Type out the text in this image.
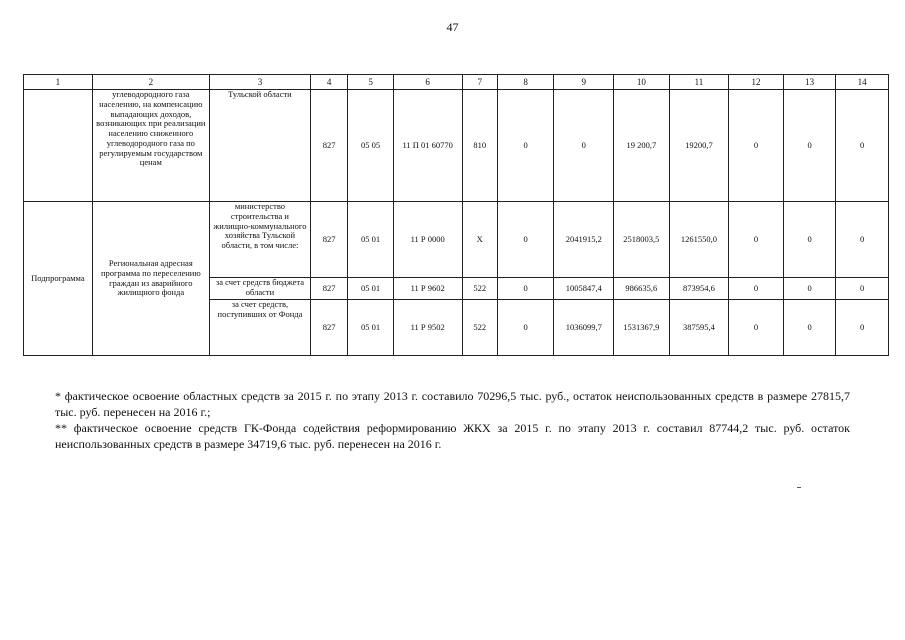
47
1	2	3	4	5	6	7	8	9	10	11	12	13	14
	углеводородного газа населению, на компенсацию выпадающих доходов, возникающих при реализации населению сниженного углеводородного газа по регулируемым государством ценам	Тульской области	827	05 05	11 П 01 60770	810	0	0	19 200,7	19200,7	0	0	0
Подпрограмма	Региональная адресная программа по переселению граждан из аварийного жилищного фонда	министерство строительства и жилищно-коммунального хозяйства Тульской области, в том числе:	827	05 01	11 Р 0000	Х	0	2041915,2	2518003,5	1261550,0	0	0	0
		за счет средств бюджета области	827	05 01	11 Р 9602	522	0	1005847,4	986635,6	873954,6	0	0	0
		за счет средств, поступивших от Фонда	827	05 01	11 Р 9502	522	0	1036099,7	1531367,9	387595,4	0	0	0

* фактическое освоение областных средств за 2015 г. по этапу 2013 г. составило 70296,5 тыс. руб., остаток неиспользованных средств в размере 27815,7 тыс. руб. перенесен на 2016 г.;

** фактическое освоение средств ГК-Фонда содействия реформированию ЖКХ за 2015 г. по этапу 2013 г. составил 87744,2 тыс. руб. остаток неиспользованных средств в размере 34719,6 тыс. руб. перенесен на 2016 г.
